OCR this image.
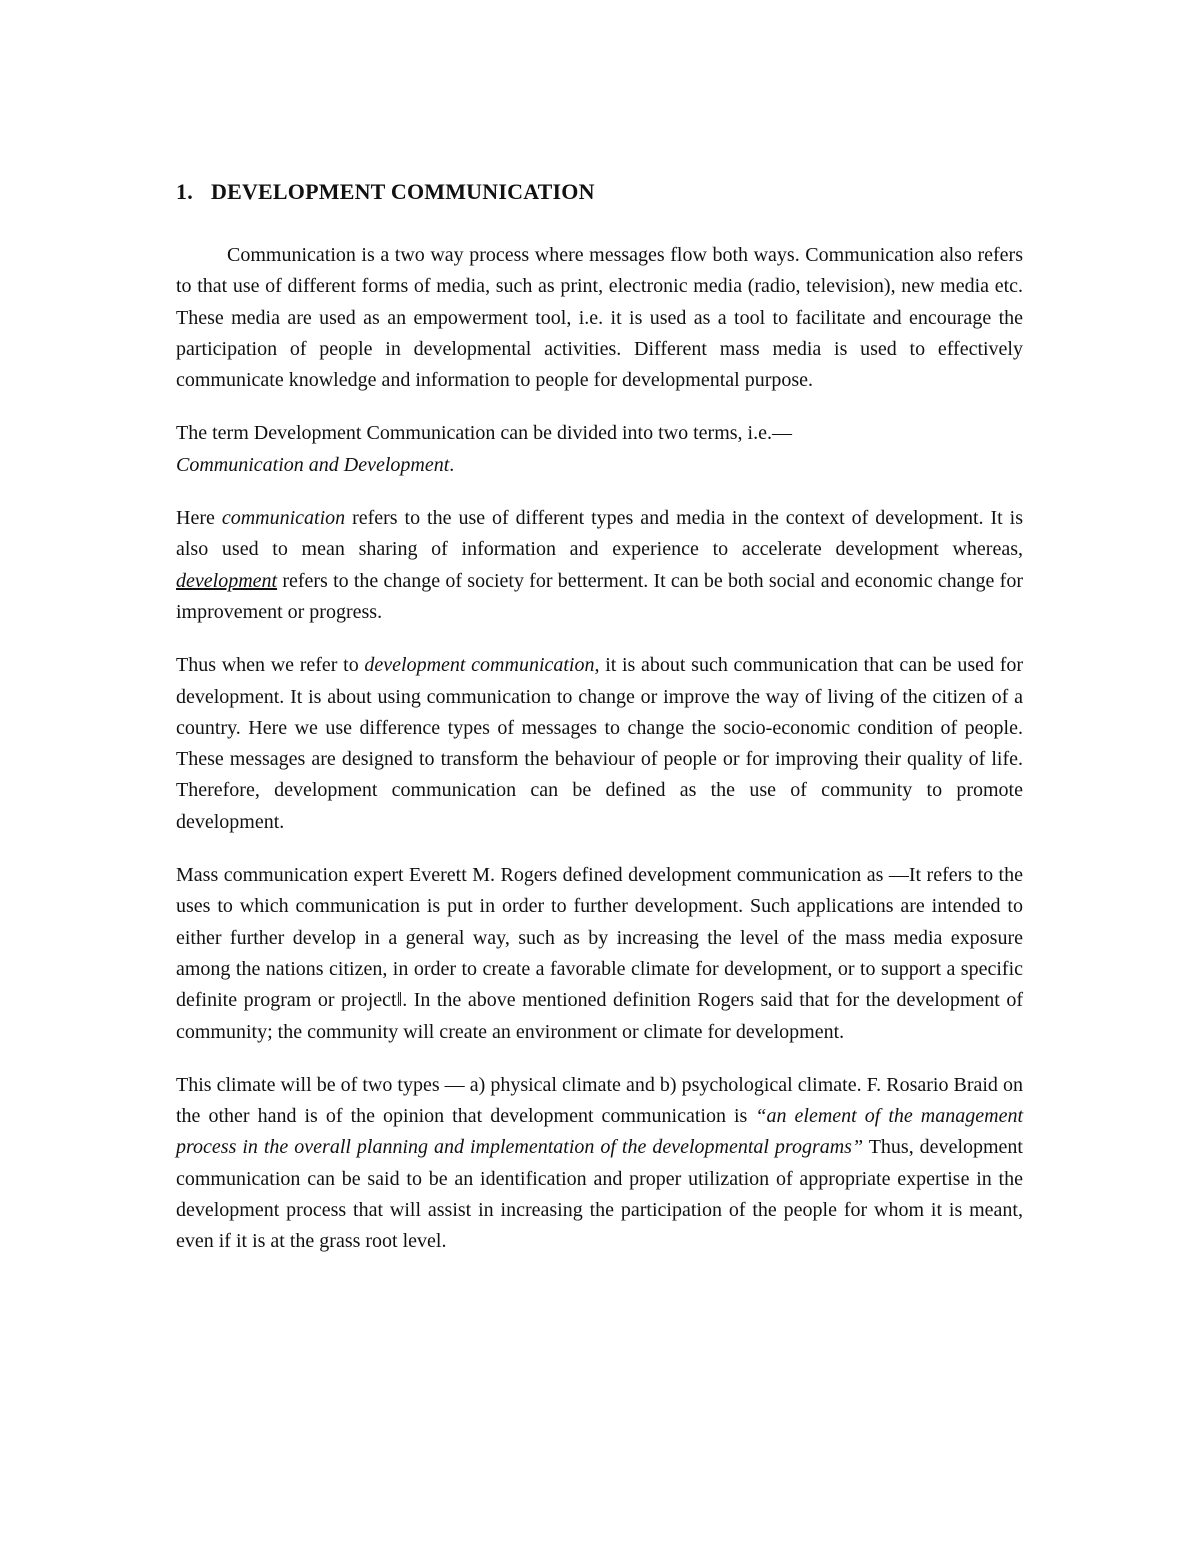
1. DEVELOPMENT COMMUNICATION

Communication is a two way process where messages flow both ways. Communication also refers to that use of different forms of media, such as print, electronic media (radio, television), new media etc. These media are used as an empowerment tool, i.e. it is used as a tool to facilitate and encourage the participation of people in developmental activities. Different mass media is used to effectively communicate knowledge and information to people for developmental purpose.

The term Development Communication can be divided into two terms, i.e.—
Communication and Development.

Here communication refers to the use of different types and media in the context of development. It is also used to mean sharing of information and experience to accelerate development whereas, development refers to the change of society for betterment. It can be both social and economic change for improvement or progress.

Thus when we refer to development communication, it is about such communication that can be used for development. It is about using communication to change or improve the way of living of the citizen of a country. Here we use difference types of messages to change the socio-economic condition of people. These messages are designed to transform the behaviour of people or for improving their quality of life. Therefore, development communication can be defined as the use of community to promote development.

Mass communication expert Everett M. Rogers defined development communication as ―It refers to the uses to which communication is put in order to further development. Such applications are intended to either further develop in a general way, such as by increasing the level of the mass media exposure among the nations citizen, in order to create a favorable climate for development, or to support a specific definite program or project‖. In the above mentioned definition Rogers said that for the development of community; the community will create an environment or climate for development.

This climate will be of two types — a) physical climate and b) psychological climate. F. Rosario Braid on the other hand is of the opinion that development communication is “an element of the management process in the overall planning and implementation of the developmental programs” Thus, development communication can be said to be an identification and proper utilization of appropriate expertise in the development process that will assist in increasing the participation of the people for whom it is meant, even if it is at the grass root level.
